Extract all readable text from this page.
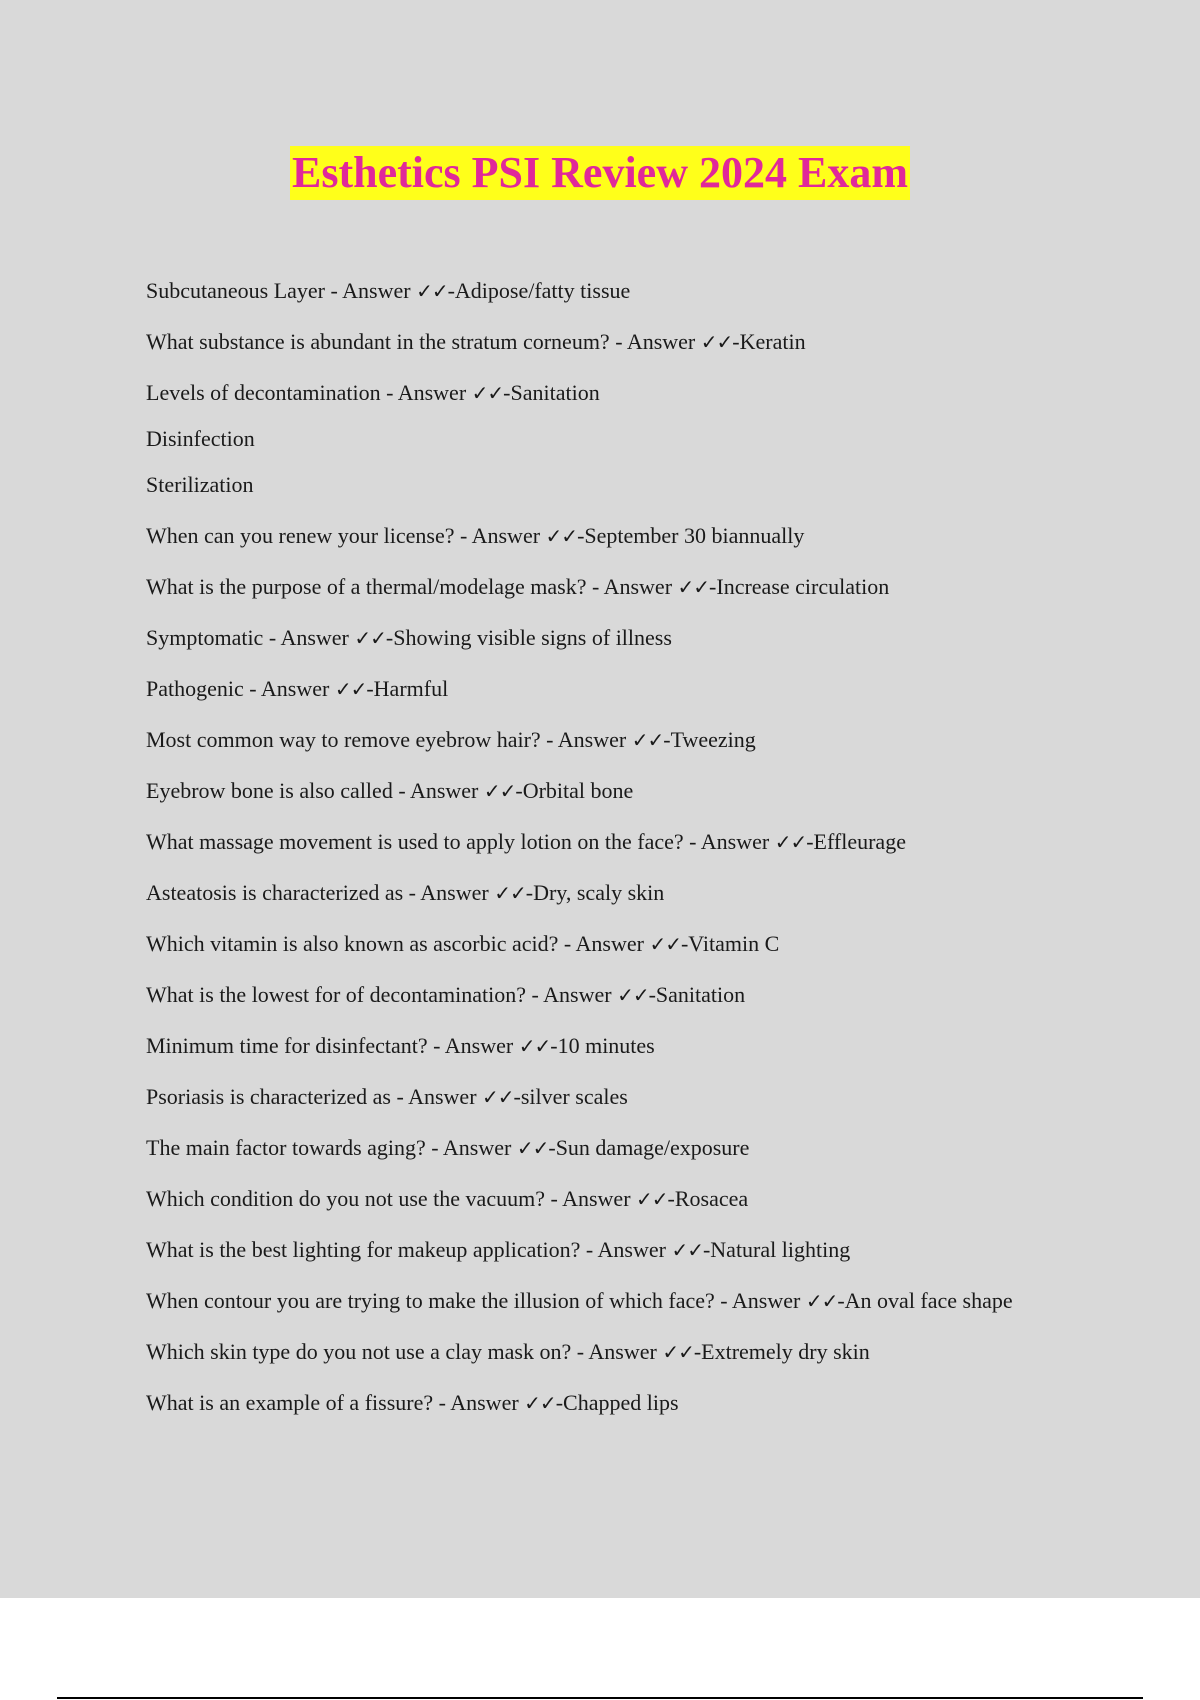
Esthetics PSI Review 2024 Exam
Subcutaneous Layer - Answer ✓✓-Adipose/fatty tissue
What substance is abundant in the stratum corneum? - Answer ✓✓-Keratin
Levels of decontamination - Answer ✓✓-Sanitation
Disinfection
Sterilization
When can you renew your license? - Answer ✓✓-September 30 biannually
What is the purpose of a thermal/modelage mask? - Answer ✓✓-Increase circulation
Symptomatic - Answer ✓✓-Showing visible signs of illness
Pathogenic - Answer ✓✓-Harmful
Most common way to remove eyebrow hair? - Answer ✓✓-Tweezing
Eyebrow bone is also called - Answer ✓✓-Orbital bone
What massage movement is used to apply lotion on the face? - Answer ✓✓-Effleurage
Asteatosis is characterized as - Answer ✓✓-Dry, scaly skin
Which vitamin is also known as ascorbic acid? - Answer ✓✓-Vitamin C
What is the lowest for of decontamination? - Answer ✓✓-Sanitation
Minimum time for disinfectant? - Answer ✓✓-10 minutes
Psoriasis is characterized as - Answer ✓✓-silver scales
The main factor towards aging? - Answer ✓✓-Sun damage/exposure
Which condition do you not use the vacuum? - Answer ✓✓-Rosacea
What is the best lighting for makeup application? - Answer ✓✓-Natural lighting
When contour you are trying to make the illusion of which face? - Answer ✓✓-An oval face shape
Which skin type do you not use a clay mask on? - Answer ✓✓-Extremely dry skin
What is an example of a fissure? - Answer ✓✓-Chapped lips
